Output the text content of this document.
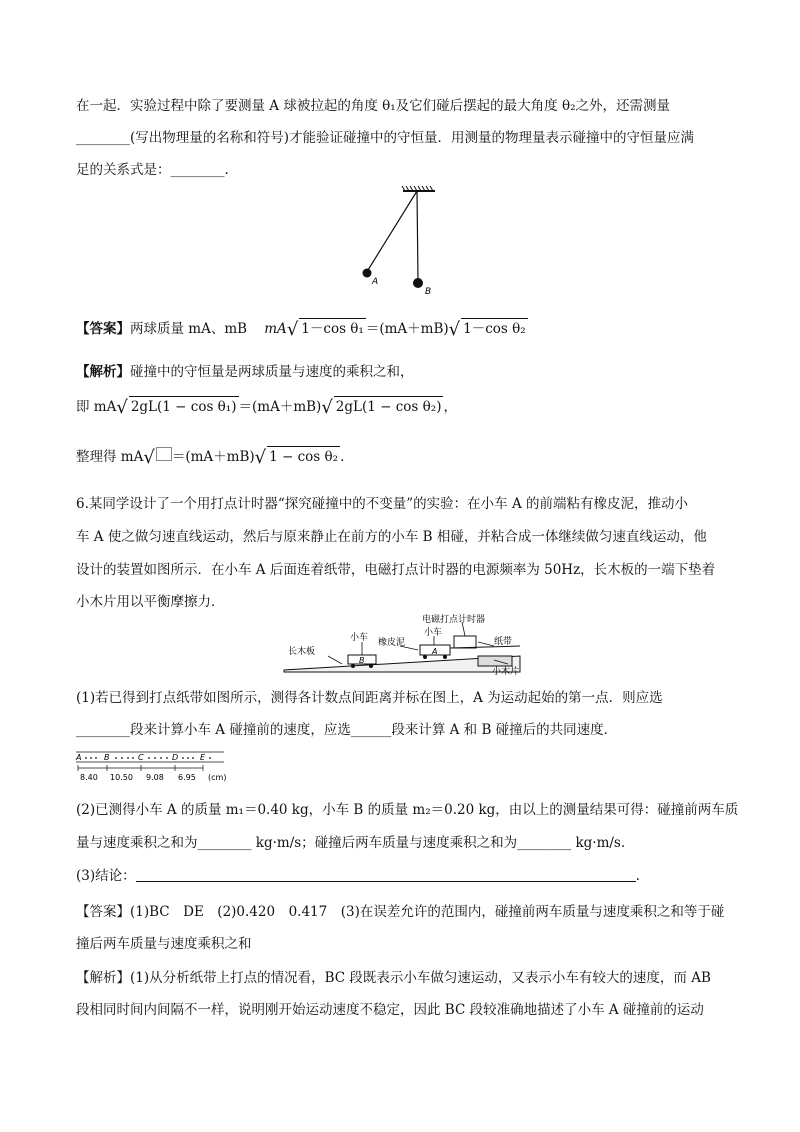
在一起．实验过程中除了要测量 A 球被拉起的角度 θ₁及它们碰后摆起的最大角度 θ₂之外，还需测量
________(写出物理量的名称和符号)才能验证碰撞中的守恒量．用测量的物理量表示碰撞中的守恒量应满
足的关系式是：________.
A
B
【答案】两球质量 mA、mB mA√ 1－cos θ₁ ＝(mA＋mB)√ 1－cos θ₂
【解析】碰撞中的守恒量是两球质量与速度的乘积之和，
即 mA√ 2gL(1 − cos θ₁) ＝(mA＋mB)√ 2gL(1 − cos θ₂) ，
整理得 mA√ ＝(mA＋mB)√ 1 − cos θ₂ .
6.某同学设计了一个用打点计时器“探究碰撞中的不变量”的实验：在小车 A 的前端粘有橡皮泥，推动小
车 A 使之做匀速直线运动，然后与原来静止在前方的小车 B 相碰，并粘合成一体继续做匀速直线运动，他
设计的装置如图所示．在小车 A 后面连着纸带，电磁打点计时器的电源频率为 50Hz，长木板的一端下垫着
小木片用以平衡摩擦力．
B
A
电磁打点计时器
长木板
小车 橡皮泥
小车
纸带
小木片
(1)若已得到打点纸带如图所示，测得各计数点间距离并标在图上，A 为运动起始的第一点．则应选
________段来计算小车 A 碰撞前的速度，应选______段来计算 A 和 B 碰撞后的共同速度．
A	B	C	D	E
8.40 10.50 9.08 6.95 (cm)
(2)已测得小车 A 的质量 m₁＝0.40 kg，小车 B 的质量 m₂＝0.20 kg，由以上的测量结果可得：碰撞前两车质
量与速度乘积之和为________ kg·m/s；碰撞后两车质量与速度乘积之和为________ kg·m/s.
(3)结论：	.
【答案】(1)BC　DE　(2)0.420　0.417　(3)在误差允许的范围内，碰撞前两车质量与速度乘积之和等于碰
撞后两车质量与速度乘积之和
【解析】(1)从分析纸带上打点的情况看，BC 段既表示小车做匀速运动，又表示小车有较大的速度，而 AB
段相同时间内间隔不一样，说明刚开始运动速度不稳定，因此 BC 段较准确地描述了小车 A 碰撞前的运动
